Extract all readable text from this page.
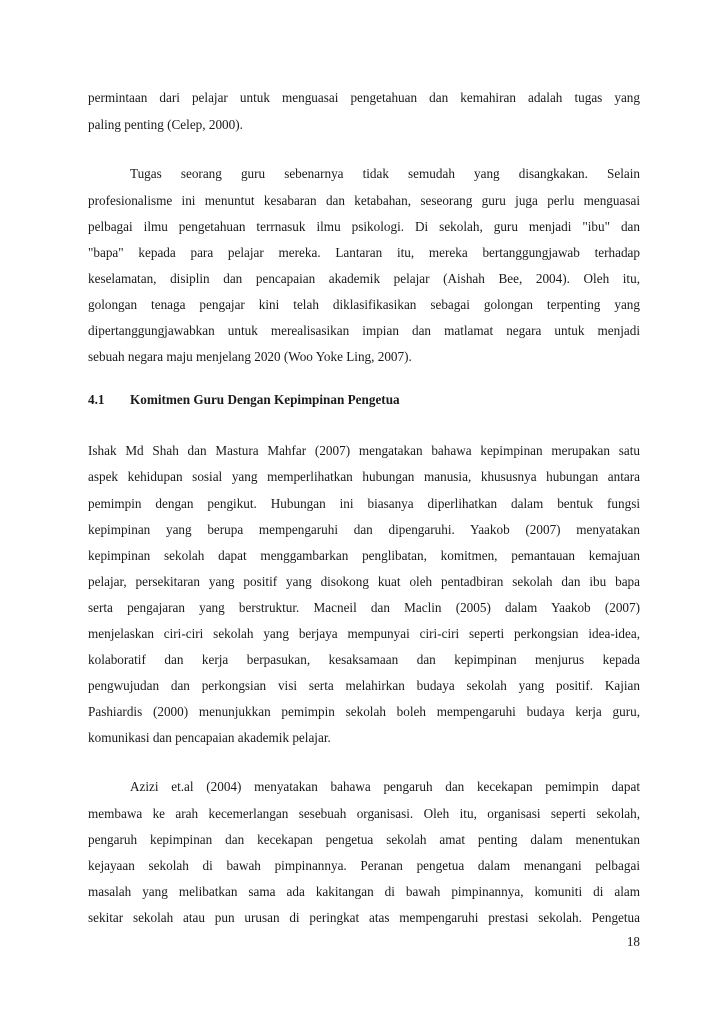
permintaan dari pelajar untuk menguasai pengetahuan dan kemahiran adalah tugas yang

paling penting (Celep, 2000).

Tugas seorang guru sebenarnya tidak semudah yang disangkakan. Selain

profesionalisme ini menuntut kesabaran dan ketabahan, seseorang guru juga perlu menguasai

pelbagai ilmu pengetahuan terrnasuk ilmu psikologi. Di sekolah, guru menjadi "ibu" dan

"bapa" kepada para pelajar mereka. Lantaran itu, mereka bertanggungjawab terhadap

keselamatan, disiplin dan pencapaian akademik pelajar (Aishah Bee, 2004). Oleh itu,

golongan tenaga pengajar kini telah diklasifikasikan sebagai golongan terpenting yang

dipertanggungjawabkan untuk merealisasikan impian dan matlamat negara untuk menjadi

sebuah negara maju menjelang 2020 (Woo Yoke Ling, 2007).

4.1 Komitmen Guru Dengan Kepimpinan Pengetua

Ishak Md Shah dan Mastura Mahfar (2007) mengatakan bahawa kepimpinan merupakan satu

aspek kehidupan sosial yang memperlihatkan hubungan manusia, khususnya hubungan antara

pemimpin dengan pengikut. Hubungan ini biasanya diperlihatkan dalam bentuk fungsi

kepimpinan yang berupa mempengaruhi dan dipengaruhi. Yaakob (2007) menyatakan

kepimpinan sekolah dapat menggambarkan penglibatan, komitmen, pemantauan kemajuan

pelajar, persekitaran yang positif yang disokong kuat oleh pentadbiran sekolah dan ibu bapa

serta pengajaran yang berstruktur. Macneil dan Maclin (2005) dalam Yaakob (2007)

menjelaskan ciri-ciri sekolah yang berjaya mempunyai ciri-ciri seperti perkongsian idea-idea,

kolaboratif dan kerja berpasukan, kesaksamaan dan kepimpinan menjurus kepada

pengwujudan dan perkongsian visi serta melahirkan budaya sekolah yang positif. Kajian

Pashiardis (2000) menunjukkan pemimpin sekolah boleh mempengaruhi budaya kerja guru,

komunikasi dan pencapaian akademik pelajar.

Azizi et.al (2004) menyatakan bahawa pengaruh dan kecekapan pemimpin dapat

membawa ke arah kecemerlangan sesebuah organisasi. Oleh itu, organisasi seperti sekolah,

pengaruh kepimpinan dan kecekapan pengetua sekolah amat penting dalam menentukan

kejayaan sekolah di bawah pimpinannya. Peranan pengetua dalam menangani pelbagai

masalah yang melibatkan sama ada kakitangan di bawah pimpinannya, komuniti di alam

sekitar sekolah atau pun urusan di peringkat atas mempengaruhi prestasi sekolah. Pengetua

18
